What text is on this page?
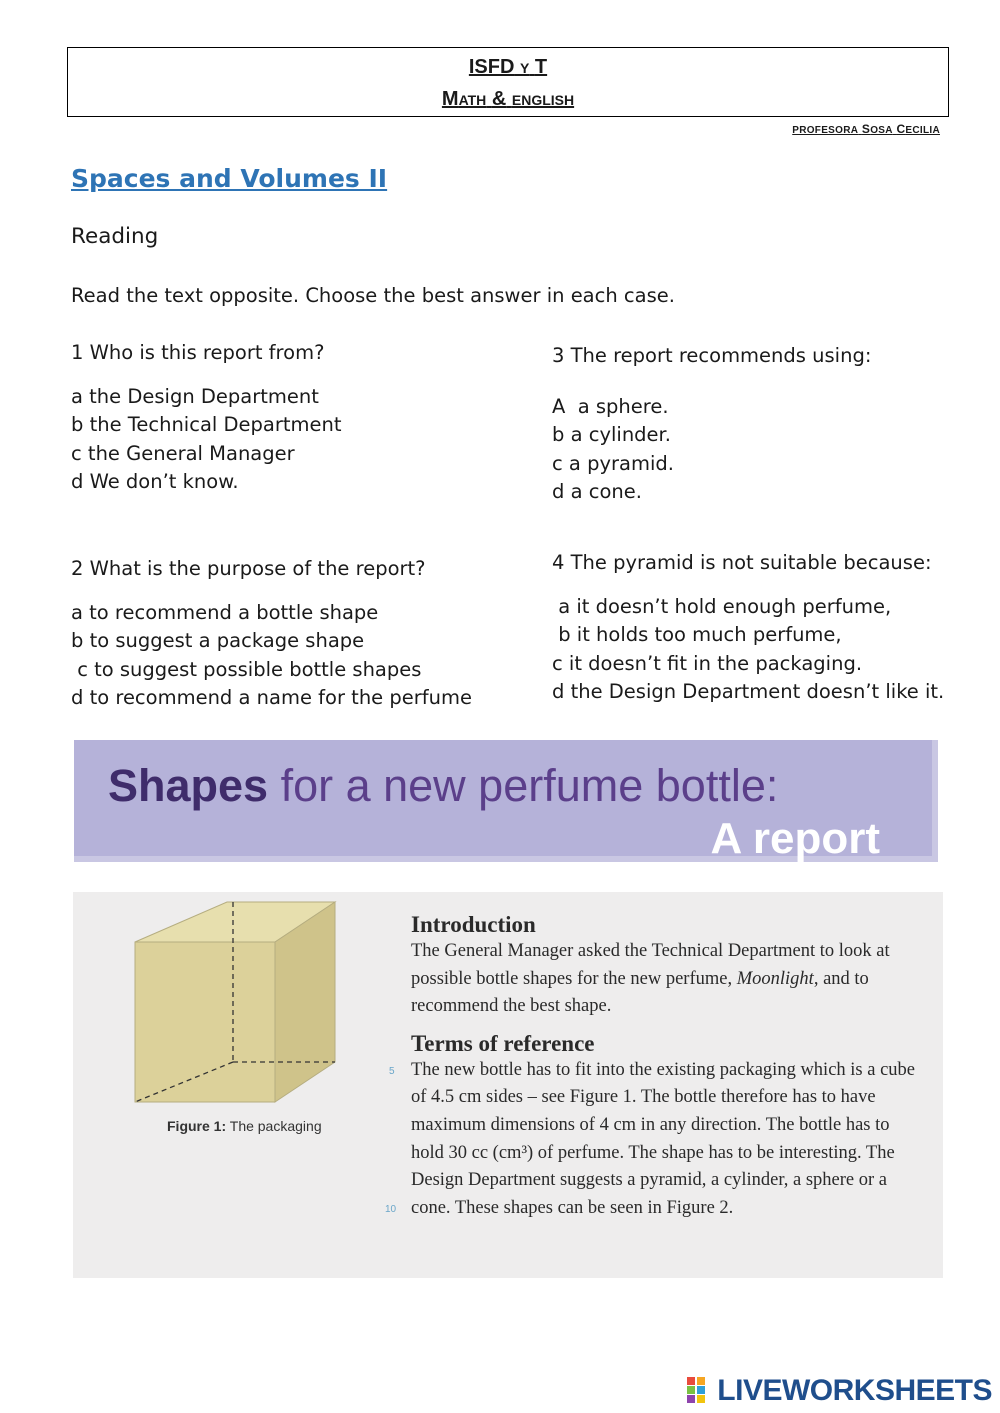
ISFD Y T
MATH & ENGLISH
PROFESORA SOSA CECILIA
Spaces and Volumes II
Reading
Read the text opposite. Choose the best answer in each case.
1 Who is this report from?
a the Design Department
b the Technical Department
c the General Manager
d We don’t know.
2 What is the purpose of the report?
a to recommend a bottle shape
b to suggest a package shape
c to suggest possible bottle shapes
d to recommend a name for the perfume
3 The report recommends using:
A  a sphere.
b a cylinder.
c a pyramid.
d a cone.
4 The pyramid is not suitable because:
a it doesn’t hold enough perfume,
b it holds too much perfume,
c it doesn’t fit in the packaging.
d the Design Department doesn’t like it.
Shapes for a new perfume bottle:
A report
Figure 1: The packaging
5
10

Introduction

The General Manager asked the Technical Department to look at possible bottle shapes for the new perfume, Moonlight, and to recommend the best shape.

Terms of reference

The new bottle has to fit into the existing packaging which is a cube of 4.5 cm sides – see Figure 1. The bottle therefore has to have maximum dimensions of 4 cm in any direction. The bottle has to hold 30 cc (cm³) of perfume. The shape has to be interesting. The Design Department suggests a pyramid, a cylinder, a sphere or a cone. These shapes can be seen in Figure 2.

LIVEWORKSHEETS
